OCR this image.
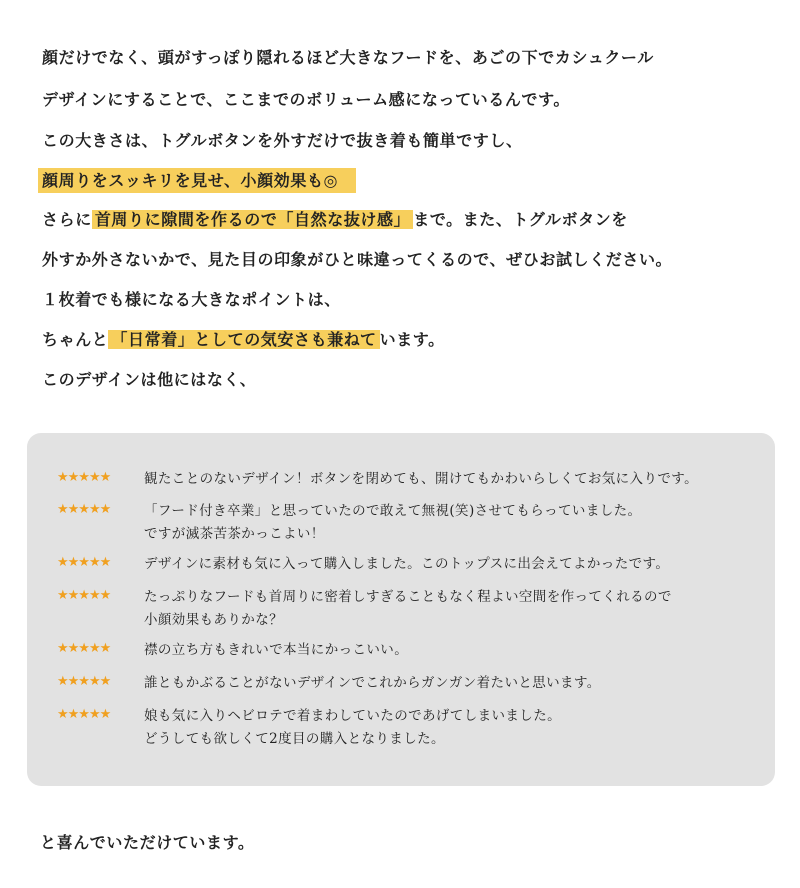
顔だけでなく、頭がすっぽり隠れるほど大きなフードを、あごの下でカシュクール
デザインにすることで、ここまでのボリューム感になっているんです。
この大きさは、トグルボタンを外すだけで抜き着も簡単ですし、
顔周りをスッキリを見せ、小顔効果も◎
さらに 首周りに隙間を作るので「自然な抜け感」 まで。また、トグルボタンを
外すか外さないかで、見た目の印象がひと味違ってくるので、ぜひお試しください。
１枚着でも様になる大きなポイントは、
ちゃんと 「日常着」としての気安さも兼ねて います。
このデザインは他にはなく、
★★★★★ 観たことのないデザイン！ボタンを閉めても、開けてもかわいらしくてお気に入りです。
★★★★★ 「フード付き卒業」と思っていたので敢えて無視(笑)させてもらっていました。
ですが滅茶苦茶かっこよい！
★★★★★ デザインに素材も気に入って購入しました。このトップスに出会えてよかったです。
★★★★★ たっぷりなフードも首周りに密着しすぎることもなく程よい空間を作ってくれるので
小顔効果もありかな？
★★★★★ 襟の立ち方もきれいで本当にかっこいい。
★★★★★ 誰ともかぶることがないデザインでこれからガンガン着たいと思います。
★★★★★ 娘も気に入りヘビロテで着まわしていたのであげてしまいました。
どうしても欲しくて2度目の購入となりました。
と喜んでいただけています。
